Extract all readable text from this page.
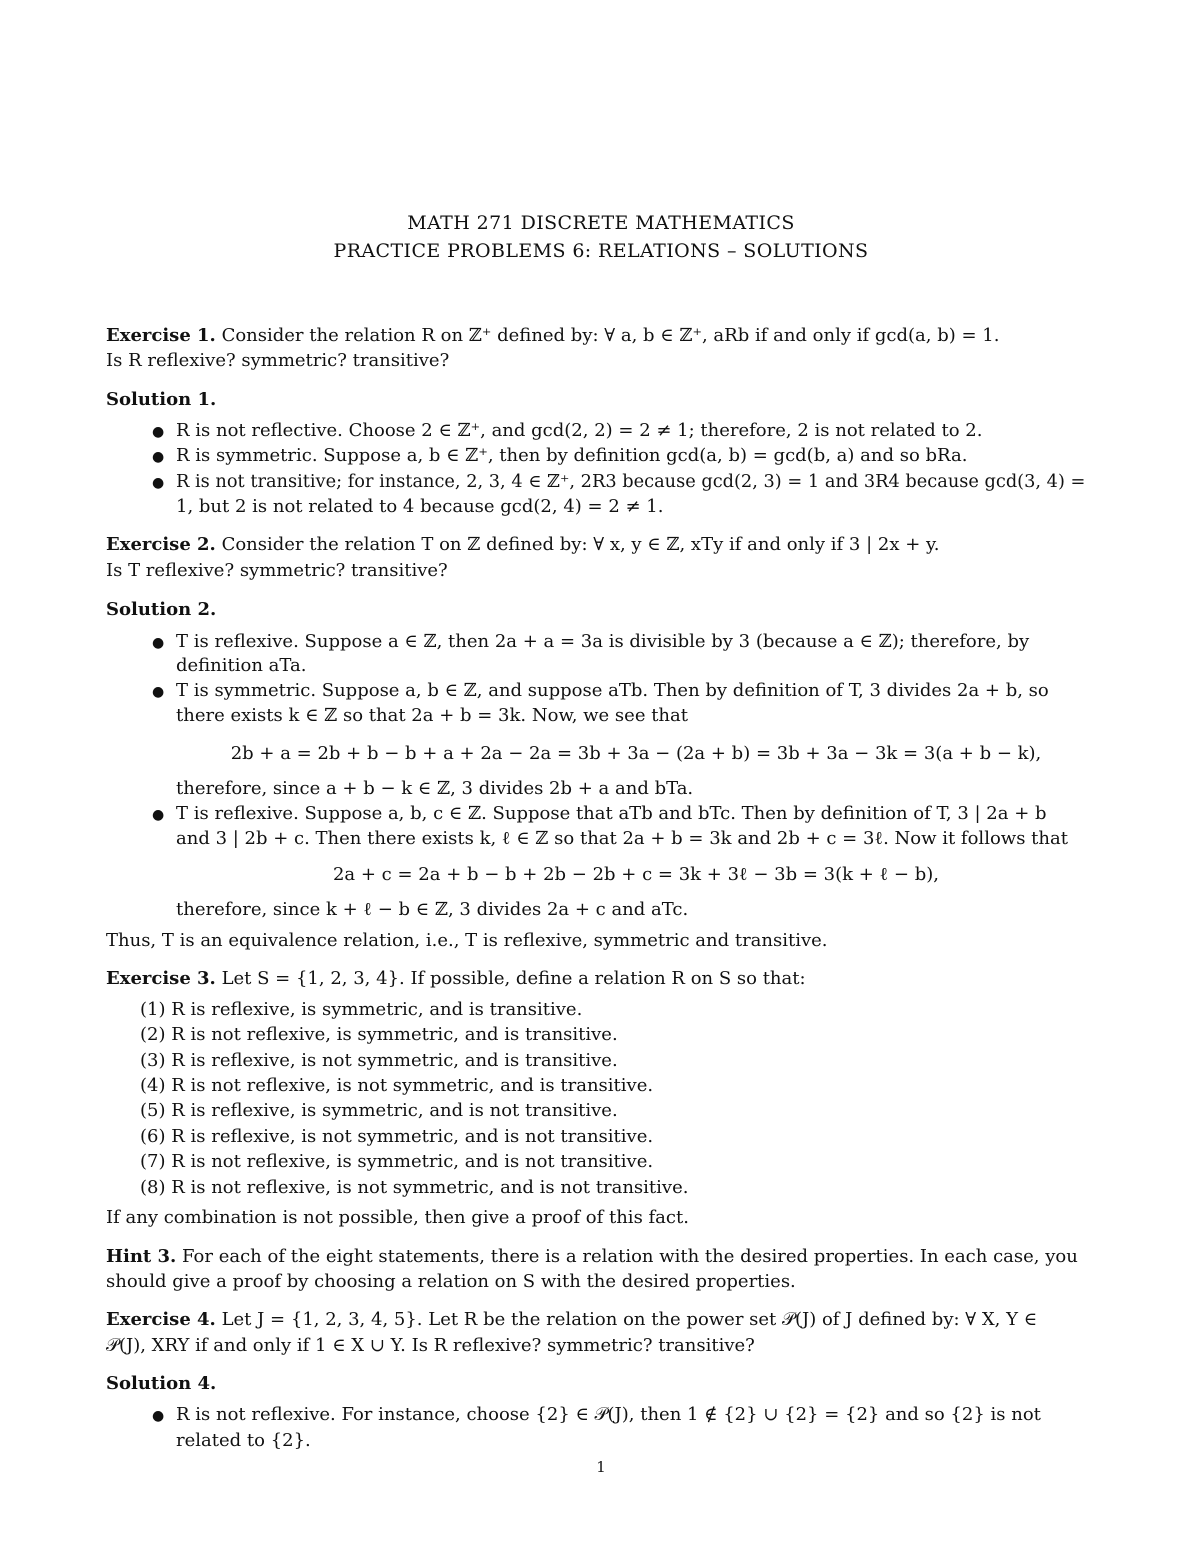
MATH 271 DISCRETE MATHEMATICS
PRACTICE PROBLEMS 6: RELATIONS – SOLUTIONS
Exercise 1. Consider the relation R on ℤ⁺ defined by: ∀ a, b ∈ ℤ⁺, aRb if and only if gcd(a, b) = 1.
Is R reflexive? symmetric? transitive?
Solution 1.
● R is not reflective. Choose 2 ∈ ℤ⁺, and gcd(2, 2) = 2 ≠ 1; therefore, 2 is not related to 2.
● R is symmetric. Suppose a, b ∈ ℤ⁺, then by definition gcd(a, b) = gcd(b, a) and so bRa.
● R is not transitive; for instance, 2, 3, 4 ∈ ℤ⁺, 2R3 because gcd(2, 3) = 1 and 3R4 because gcd(3, 4) =
1, but 2 is not related to 4 because gcd(2, 4) = 2 ≠ 1.
Exercise 2. Consider the relation T on ℤ defined by: ∀ x, y ∈ ℤ, xTy if and only if 3 | 2x + y.
Is T reflexive? symmetric? transitive?
Solution 2.
● T is reflexive. Suppose a ∈ ℤ, then 2a + a = 3a is divisible by 3 (because a ∈ ℤ); therefore, by
definition aTa.
● T is symmetric. Suppose a, b ∈ ℤ, and suppose aTb. Then by definition of T, 3 divides 2a + b, so
there exists k ∈ ℤ so that 2a + b = 3k. Now, we see that
2b + a = 2b + b − b + a + 2a − 2a = 3b + 3a − (2a + b) = 3b + 3a − 3k = 3(a + b − k),
therefore, since a + b − k ∈ ℤ, 3 divides 2b + a and bTa.
● T is reflexive. Suppose a, b, c ∈ ℤ. Suppose that aTb and bTc. Then by definition of T, 3 | 2a + b
and 3 | 2b + c. Then there exists k, ℓ ∈ ℤ so that 2a + b = 3k and 2b + c = 3ℓ. Now it follows that
2a + c = 2a + b − b + 2b − 2b + c = 3k + 3ℓ − 3b = 3(k + ℓ − b),
therefore, since k + ℓ − b ∈ ℤ, 3 divides 2a + c and aTc.
Thus, T is an equivalence relation, i.e., T is reflexive, symmetric and transitive.
Exercise 3. Let S = {1, 2, 3, 4}. If possible, define a relation R on S so that:
(1) R is reflexive, is symmetric, and is transitive.
(2) R is not reflexive, is symmetric, and is transitive.
(3) R is reflexive, is not symmetric, and is transitive.
(4) R is not reflexive, is not symmetric, and is transitive.
(5) R is reflexive, is symmetric, and is not transitive.
(6) R is reflexive, is not symmetric, and is not transitive.
(7) R is not reflexive, is symmetric, and is not transitive.
(8) R is not reflexive, is not symmetric, and is not transitive.
If any combination is not possible, then give a proof of this fact.
Hint 3. For each of the eight statements, there is a relation with the desired properties. In each case, you
should give a proof by choosing a relation on S with the desired properties.
Exercise 4. Let J = {1, 2, 3, 4, 5}. Let R be the relation on the power set 𝒫(J) of J defined by: ∀ X, Y ∈
𝒫(J), XRY if and only if 1 ∈ X ∪ Y. Is R reflexive? symmetric? transitive?
Solution 4.
● R is not reflexive. For instance, choose {2} ∈ 𝒫(J), then 1 ∉ {2} ∪ {2} = {2} and so {2} is not
related to {2}.
1
